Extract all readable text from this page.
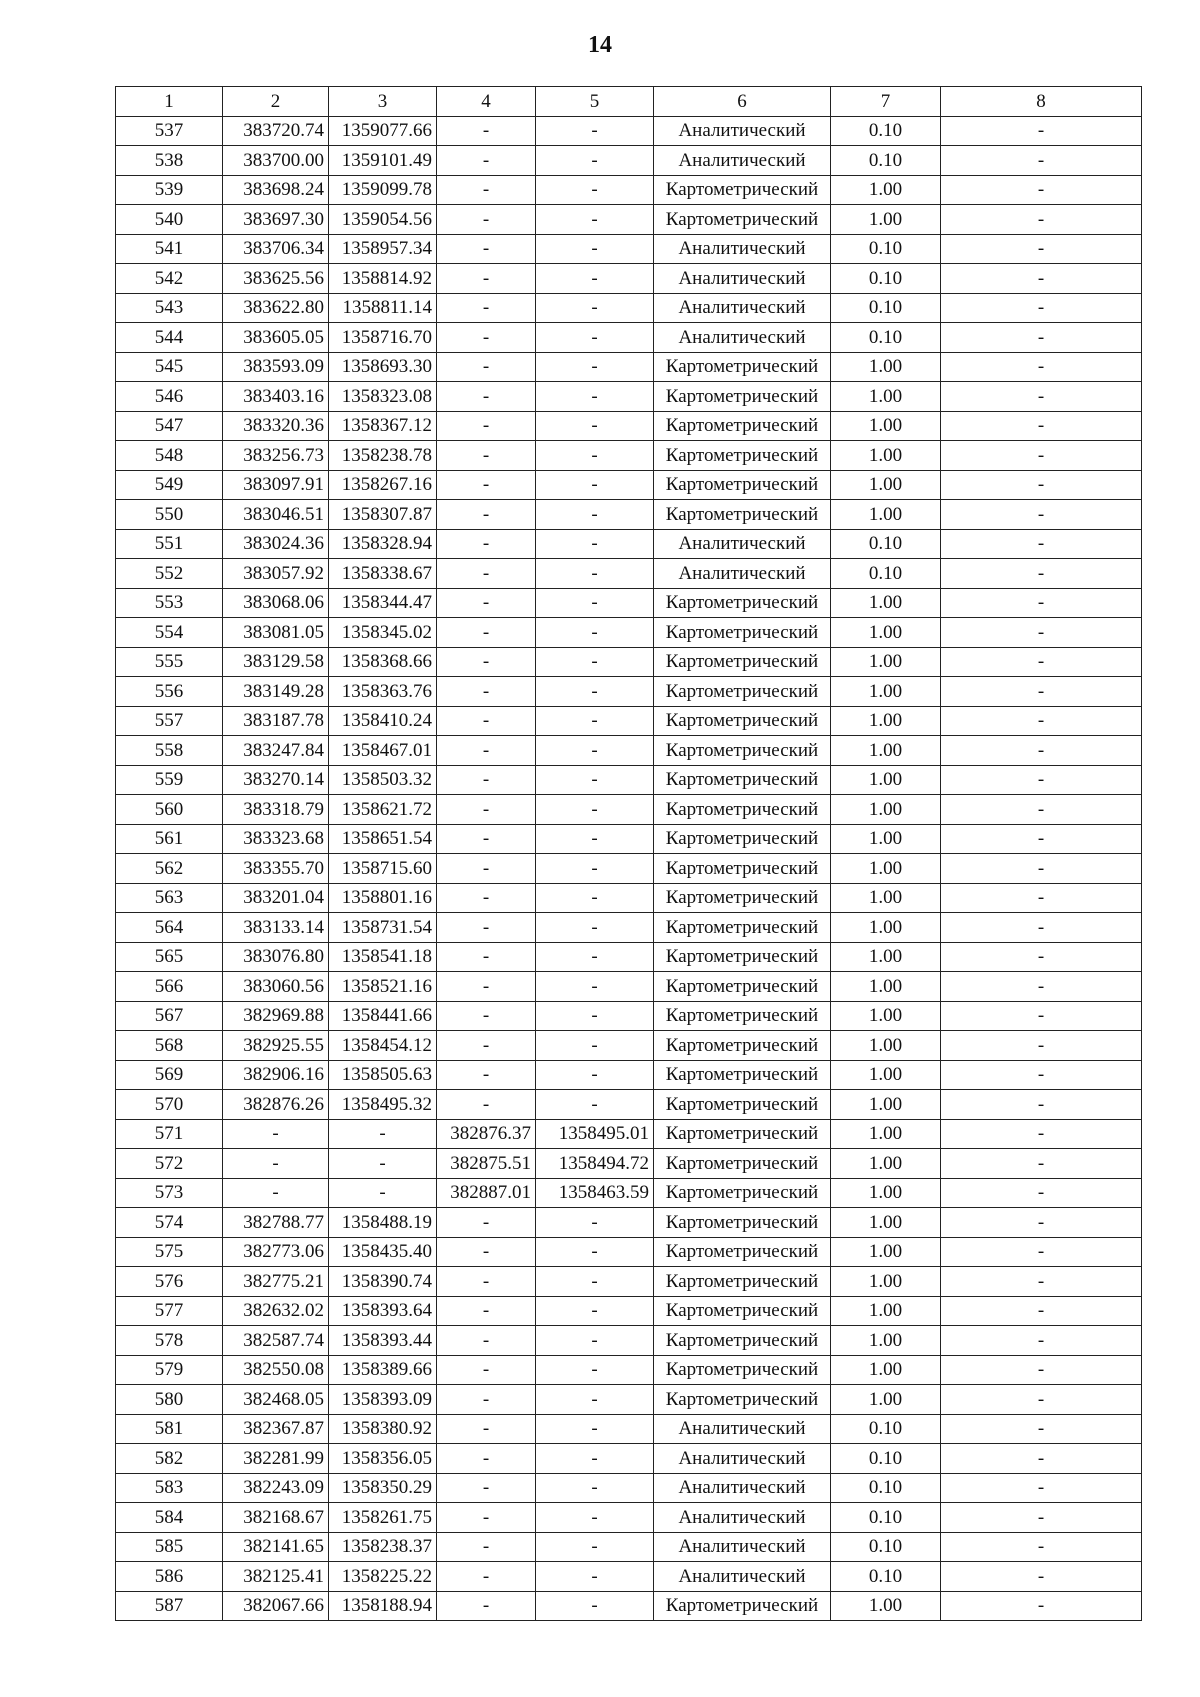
14
1	2	3	4	5	6	7	8
537	383720.74	1359077.66	-	-	Аналитический	0.10	-
538	383700.00	1359101.49	-	-	Аналитический	0.10	-
539	383698.24	1359099.78	-	-	Картометрический	1.00	-
540	383697.30	1359054.56	-	-	Картометрический	1.00	-
541	383706.34	1358957.34	-	-	Аналитический	0.10	-
542	383625.56	1358814.92	-	-	Аналитический	0.10	-
543	383622.80	1358811.14	-	-	Аналитический	0.10	-
544	383605.05	1358716.70	-	-	Аналитический	0.10	-
545	383593.09	1358693.30	-	-	Картометрический	1.00	-
546	383403.16	1358323.08	-	-	Картометрический	1.00	-
547	383320.36	1358367.12	-	-	Картометрический	1.00	-
548	383256.73	1358238.78	-	-	Картометрический	1.00	-
549	383097.91	1358267.16	-	-	Картометрический	1.00	-
550	383046.51	1358307.87	-	-	Картометрический	1.00	-
551	383024.36	1358328.94	-	-	Аналитический	0.10	-
552	383057.92	1358338.67	-	-	Аналитический	0.10	-
553	383068.06	1358344.47	-	-	Картометрический	1.00	-
554	383081.05	1358345.02	-	-	Картометрический	1.00	-
555	383129.58	1358368.66	-	-	Картометрический	1.00	-
556	383149.28	1358363.76	-	-	Картометрический	1.00	-
557	383187.78	1358410.24	-	-	Картометрический	1.00	-
558	383247.84	1358467.01	-	-	Картометрический	1.00	-
559	383270.14	1358503.32	-	-	Картометрический	1.00	-
560	383318.79	1358621.72	-	-	Картометрический	1.00	-
561	383323.68	1358651.54	-	-	Картометрический	1.00	-
562	383355.70	1358715.60	-	-	Картометрический	1.00	-
563	383201.04	1358801.16	-	-	Картометрический	1.00	-
564	383133.14	1358731.54	-	-	Картометрический	1.00	-
565	383076.80	1358541.18	-	-	Картометрический	1.00	-
566	383060.56	1358521.16	-	-	Картометрический	1.00	-
567	382969.88	1358441.66	-	-	Картометрический	1.00	-
568	382925.55	1358454.12	-	-	Картометрический	1.00	-
569	382906.16	1358505.63	-	-	Картометрический	1.00	-
570	382876.26	1358495.32	-	-	Картометрический	1.00	-
571	-	-	382876.37	1358495.01	Картометрический	1.00	-
572	-	-	382875.51	1358494.72	Картометрический	1.00	-
573	-	-	382887.01	1358463.59	Картометрический	1.00	-
574	382788.77	1358488.19	-	-	Картометрический	1.00	-
575	382773.06	1358435.40	-	-	Картометрический	1.00	-
576	382775.21	1358390.74	-	-	Картометрический	1.00	-
577	382632.02	1358393.64	-	-	Картометрический	1.00	-
578	382587.74	1358393.44	-	-	Картометрический	1.00	-
579	382550.08	1358389.66	-	-	Картометрический	1.00	-
580	382468.05	1358393.09	-	-	Картометрический	1.00	-
581	382367.87	1358380.92	-	-	Аналитический	0.10	-
582	382281.99	1358356.05	-	-	Аналитический	0.10	-
583	382243.09	1358350.29	-	-	Аналитический	0.10	-
584	382168.67	1358261.75	-	-	Аналитический	0.10	-
585	382141.65	1358238.37	-	-	Аналитический	0.10	-
586	382125.41	1358225.22	-	-	Аналитический	0.10	-
587	382067.66	1358188.94	-	-	Картометрический	1.00	-
